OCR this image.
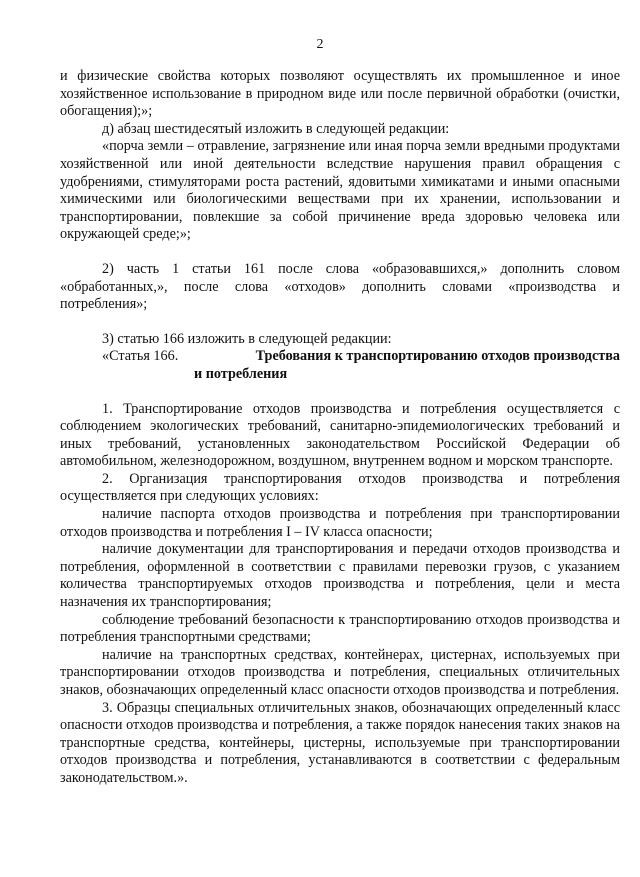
2

и физические свойства которых позволяют осуществлять их промышленное и иное хозяйственное использование в природном виде или после первичной обработки (очистки, обогащения);»;

д) абзац шестидесятый изложить в следующей редакции:

«порча земли – отравление, загрязнение или иная порча земли вредными продуктами хозяйственной или иной деятельности вследствие нарушения правил обращения с удобрениями, стимуляторами роста растений, ядовитыми химикатами и иными опасными химическими или биологическими веществами при их хранении, использовании и транспортировании, повлекшие за собой причинение вреда здоровью человека или окружающей среде;»;

2) часть 1 статьи 161 после слова «образовавшихся,» дополнить словом «обработанных,», после слова «отходов» дополнить словами «производства и потребления»;

3) статью 166 изложить в следующей редакции:

«Статья 166.	Требования к транспортированию отходов производства
и потребления

1. Транспортирование отходов производства и потребления осуществляется с соблюдением экологических требований, санитарно-эпидемиологических требований и иных требований, установленных законодательством Российской Федерации об автомобильном, железнодорожном, воздушном, внутреннем водном и морском транспорте.

2. Организация транспортирования отходов производства и потребления осуществляется при следующих условиях:

наличие паспорта отходов производства и потребления при транспортировании отходов производства и потребления I – IV класса опасности;

наличие документации для транспортирования и передачи отходов производства и потребления, оформленной в соответствии с правилами перевозки грузов, с указанием количества транспортируемых отходов производства и потребления, цели и места назначения их транспортирования;

соблюдение требований безопасности к транспортированию отходов производства и потребления транспортными средствами;

наличие на транспортных средствах, контейнерах, цистернах, используемых при транспортировании отходов производства и потребления, специальных отличительных знаков, обозначающих определенный класс опасности отходов производства и потребления.

3. Образцы специальных отличительных знаков, обозначающих определенный класс опасности отходов производства и потребления, а также порядок нанесения таких знаков на транспортные средства, контейнеры, цистерны, используемые при транспортировании отходов производства и потребления, устанавливаются в соответствии с федеральным законодательством.».
